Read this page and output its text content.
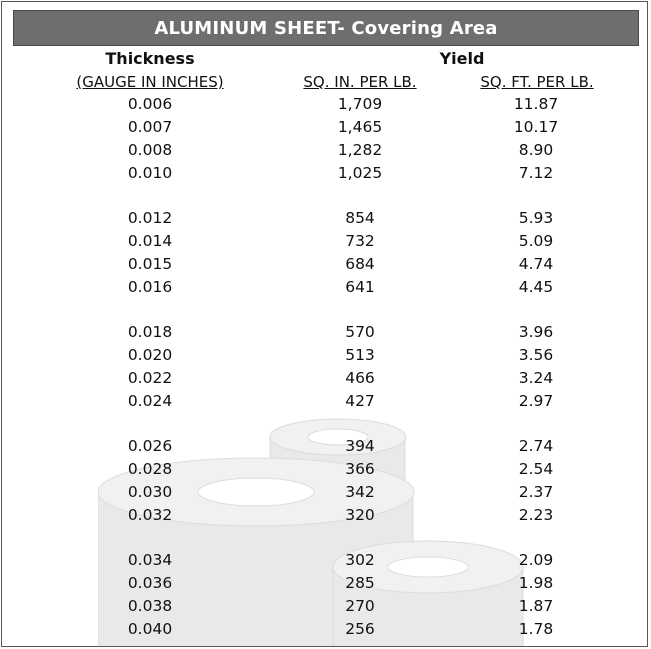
ALUMINUM SHEET- Covering Area
Thickness	Yield
(GAUGE IN INCHES)	SQ. IN. PER LB.	SQ. FT. PER LB.
0.006	1,709	11.87
0.007	1,465	10.17
0.008	1,282	8.90
0.010	1,025	7.12
0.012	854	5.93
0.014	732	5.09
0.015	684	4.74
0.016	641	4.45
0.018	570	3.96
0.020	513	3.56
0.022	466	3.24
0.024	427	2.97
0.026	394	2.74
0.028	366	2.54
0.030	342	2.37
0.032	320	2.23
0.034	302	2.09
0.036	285	1.98
0.038	270	1.87
0.040	256	1.78
